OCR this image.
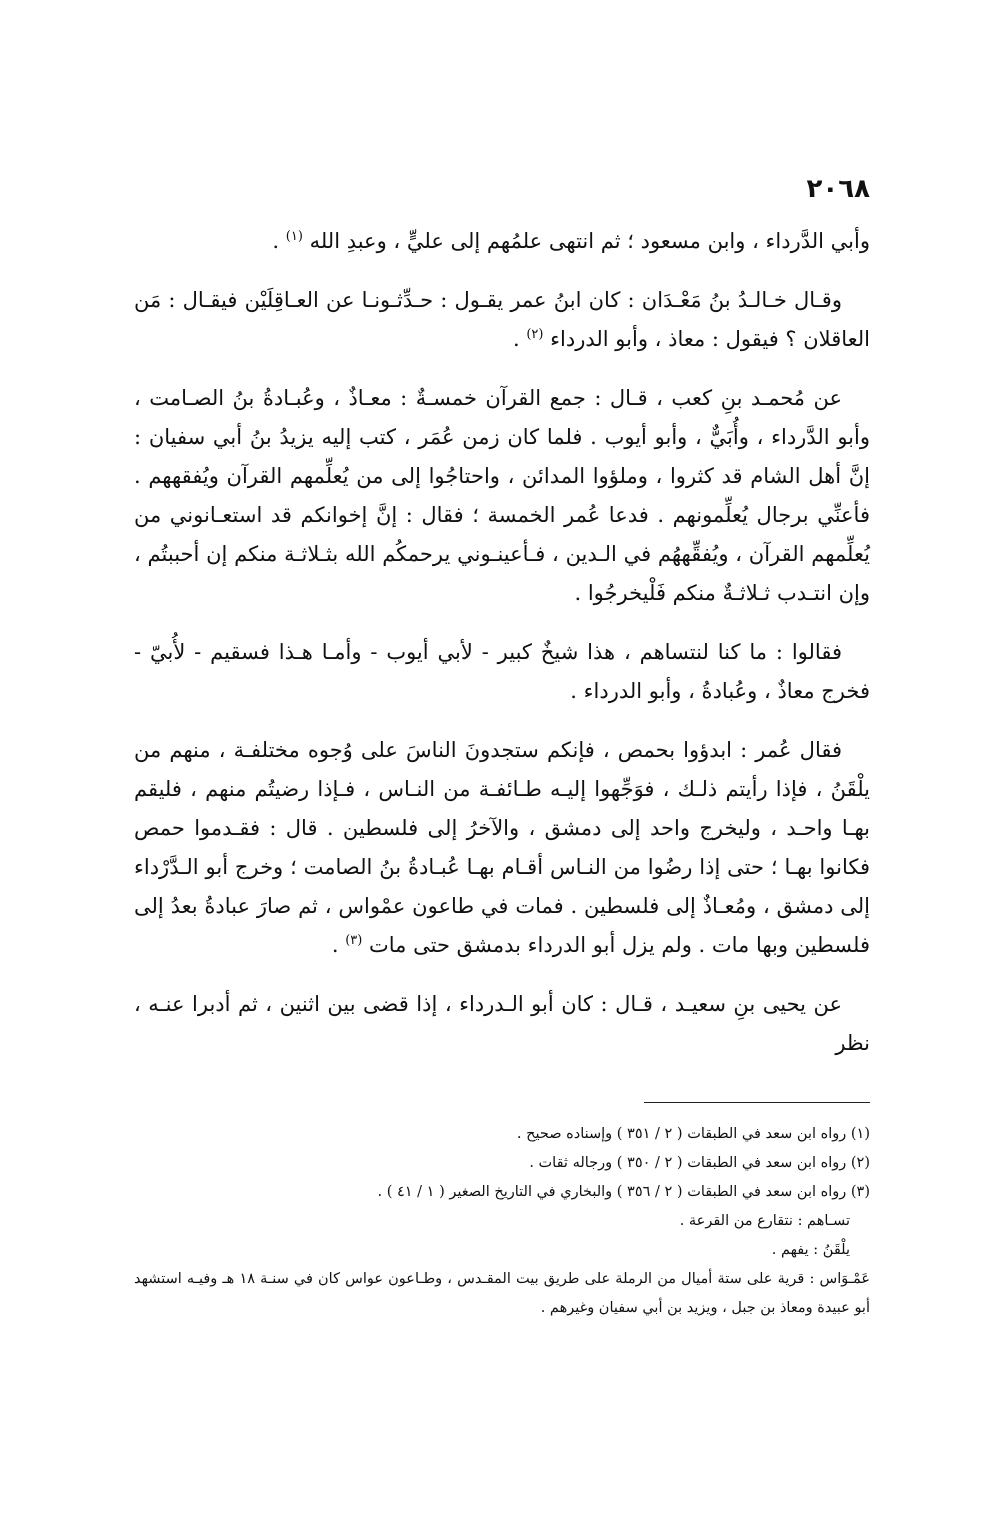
٢٠٦٨

وأبي الدَّرداء ، وابن مسعود ؛ ثم انتهى علمُهم إلى عليٍّ ، وعبدِ الله $^{(١)}$ .

وقـال خـالـدُ بنُ مَعْـدَان : كان ابنُ عمر يقـول : حـدِّثـونـا عن العـاقِلَيْن فيقـال : مَن العاقلان ؟ فيقول : معاذ ، وأبو الدرداء $^{(٢)}$ .

عن مُحمـد بنِ كعب ، قـال : جمع القرآن خمسـةٌ : معـاذٌ ، وعُبـادةُ بنُ الصـامت ، وأبو الدَّرداء ، وأُبَيٌّ ، وأبو أيوب . فلما كان زمن عُمَر ، كتب إليه يزيدُ بنُ أبي سفيان : إنَّ أهل الشام قد كثروا ، وملؤوا المدائن ، واحتاجُوا إلى من يُعلِّمهم القرآن ويُفقههم . فأعنِّي برجال يُعلِّمونهم . فدعا عُمر الخمسة ؛ فقال : إنَّ إخوانكم قد استعـانوني من يُعلِّمهم القرآن ، ويُفقِّههُم في الـدين ، فـأعينـوني يرحمكُم الله بثـلاثـة منكم إن أحببتُم ، وإن انتـدب ثـلاثـةٌ منكم فَلْيخرجُوا .

فقالوا : ما كنا لنتساهم ، هذا شيخٌ كبير - لأبي أيوب - وأمـا هـذا فسقيم - لأُبيّ - فخرج معاذٌ ، وعُبادةُ ، وأبو الدرداء .

فقال عُمر : ابدؤوا بحمص ، فإنكم ستجدونَ الناسَ على وُجوه مختلفـة ، منهم من يلْقَنُ ، فإذا رأيتم ذلـك ، فوَجِّهوا إليـه طـائفـة من النـاس ، فـإذا رضيتُم منهم ، فليقم بهـا واحـد ، وليخرج واحد إلى دمشق ، والآخرُ إلى فلسطين . قال : فقـدموا حمص فكانوا بهـا ؛ حتى إذا رضُوا من النـاس أقـام بهـا عُبـادةُ بنُ الصامت ؛ وخرج أبو الـدَّرْداء إلى دمشق ، ومُعـاذٌ إلى فلسطين . فمات في طاعون عمْواس ، ثم صارَ عبادةُ بعدُ إلى فلسطين وبها مات . ولم يزل أبو الدرداء بدمشق حتى مات $^{(٣)}$ .

عن يحيى بنِ سعيـد ، قـال : كان أبو الـدرداء ، إذا قضى بين اثنين ، ثم أدبرا عنـه ، نظر

(١) رواه ابن سعد في الطبقات ( ٢ / ٣٥١ ) وإسناده صحيح .

(٢) رواه ابن سعد في الطبقات ( ٢ / ٣٥٠ ) ورجاله ثقات .

(٣) رواه ابن سعد في الطبقات ( ٢ / ٣٥٦ ) والبخاري في التاريخ الصغير ( ١ / ٤١ ) .

تسـاهم : نتقارع من القرعة .

يلْقَنُ : يفهم .

عَمْـوَاس : قرية على ستة أميال من الرملة على طريق بيت المقـدس ، وطـاعون عواس كان في سنـة ١٨ هـ وفيـه استشهد أبو عبيدة ومعاذ بن جبل ، ويزيد بن أبي سفيان وغيرهم .
